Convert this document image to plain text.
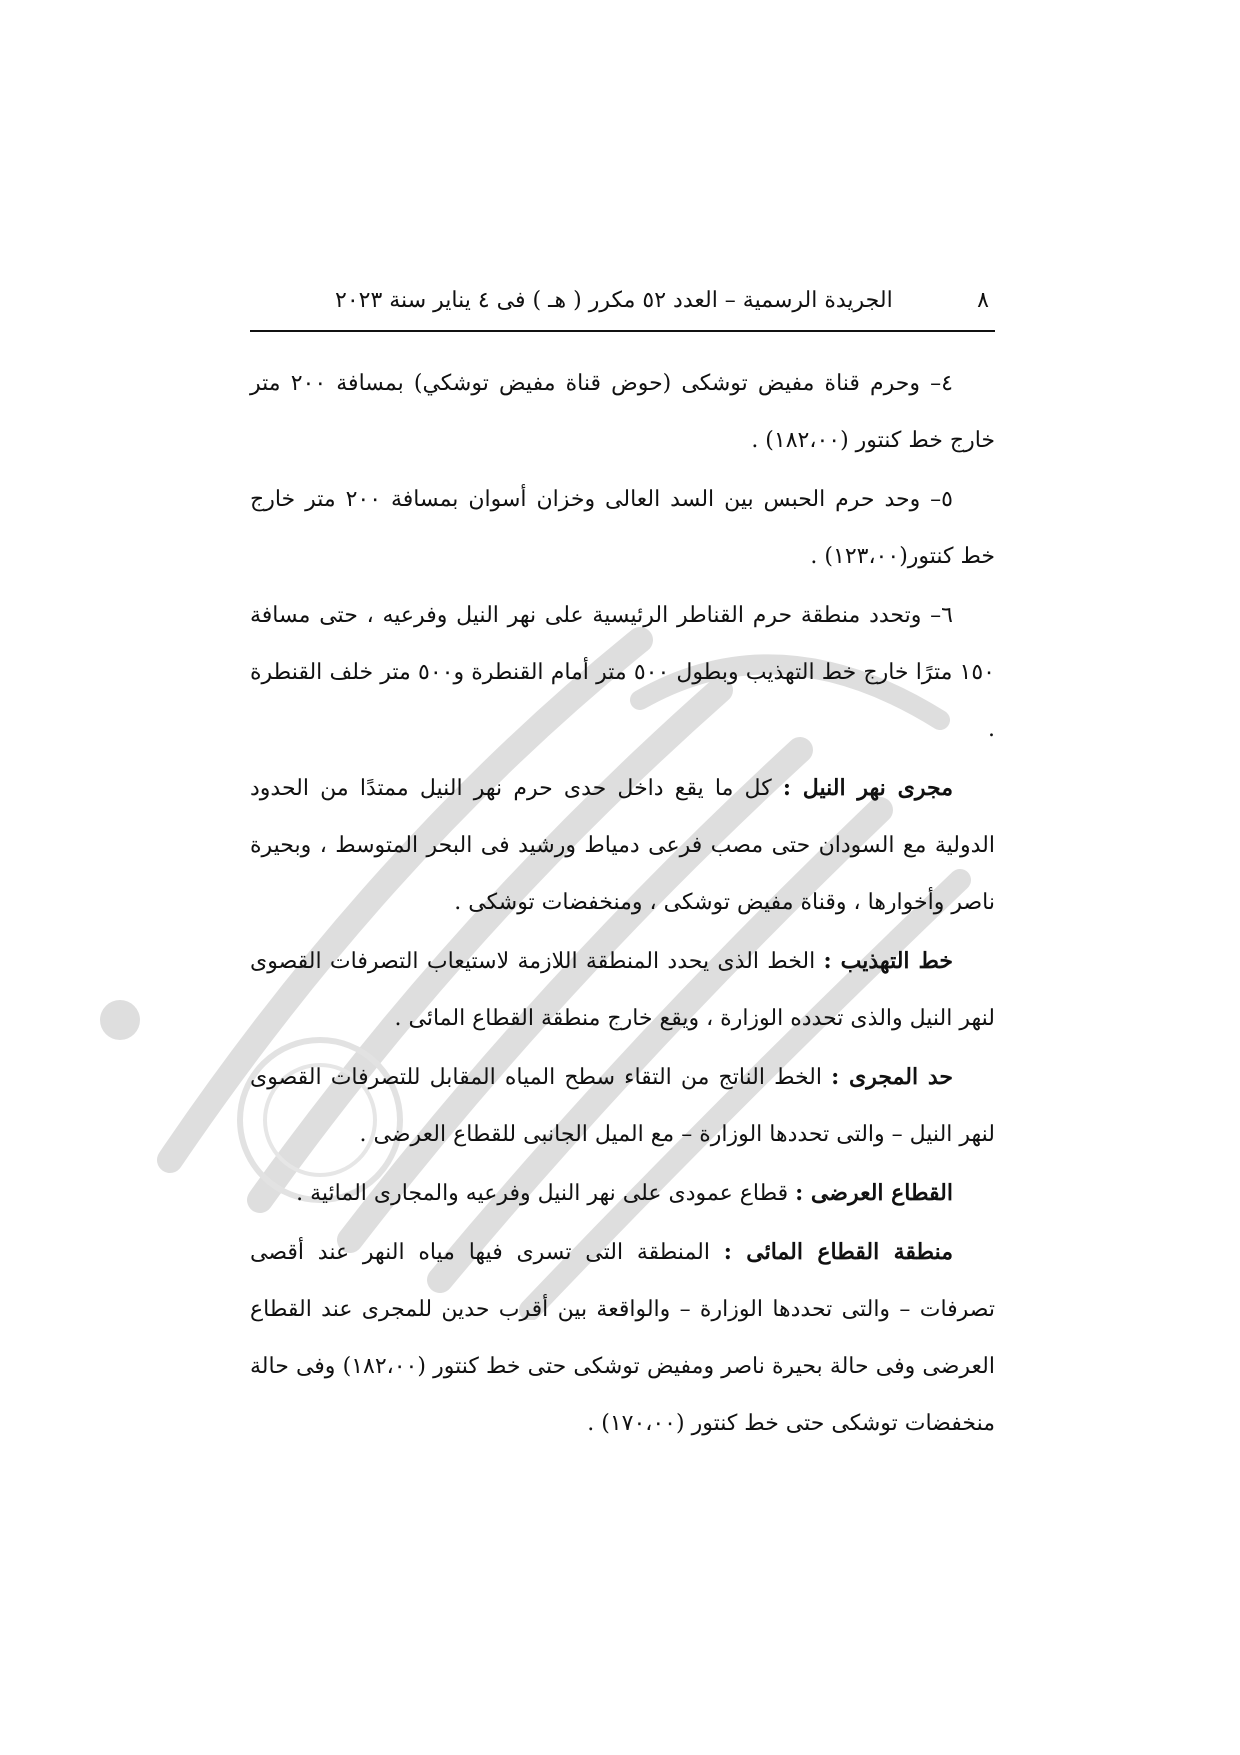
٨
الجريدة الرسمية – العدد ٥٢ مكرر ( هـ ) فى ٤ يناير سنة ٢٠٢٣

٤– وحرم قناة مفيض توشكى (حوض قناة مفيض توشكي) بمسافة ٢٠٠ متر خارج خط كنتور (١٨٢،٠٠) .

٥– وحد حرم الحبس بين السد العالى وخزان أسوان بمسافة ٢٠٠ متر خارج خط كنتور(١٢٣،٠٠) .

٦– وتحدد منطقة حرم القناطر الرئيسية على نهر النيل وفرعيه ، حتى مسافة ١٥٠ مترًا خارج خط التهذيب وبطول ٥٠٠ متر أمام القنطرة و٥٠٠ متر خلف القنطرة .

مجرى نهر النيل : كل ما يقع داخل حدى حرم نهر النيل ممتدًا من الحدود الدولية مع السودان حتى مصب فرعى دمياط ورشيد فى البحر المتوسط ، وبحيرة ناصر وأخوارها ، وقناة مفيض توشكى ، ومنخفضات توشكى .

خط التهذيب : الخط الذى يحدد المنطقة اللازمة لاستيعاب التصرفات القصوى لنهر النيل والذى تحدده الوزارة ، ويقع خارج منطقة القطاع المائى .

حد المجرى : الخط الناتج من التقاء سطح المياه المقابل للتصرفات القصوى لنهر النيل – والتى تحددها الوزارة – مع الميل الجانبى للقطاع العرضى .

القطاع العرضى : قطاع عمودى على نهر النيل وفرعيه والمجارى المائية .

منطقة القطاع المائى : المنطقة التى تسرى فيها مياه النهر عند أقصى تصرفات – والتى تحددها الوزارة – والواقعة بين أقرب حدين للمجرى عند القطاع العرضى وفى حالة بحيرة ناصر ومفيض توشكى حتى خط كنتور (١٨٢،٠٠) وفى حالة منخفضات توشكى حتى خط كنتور (١٧٠،٠٠) .
